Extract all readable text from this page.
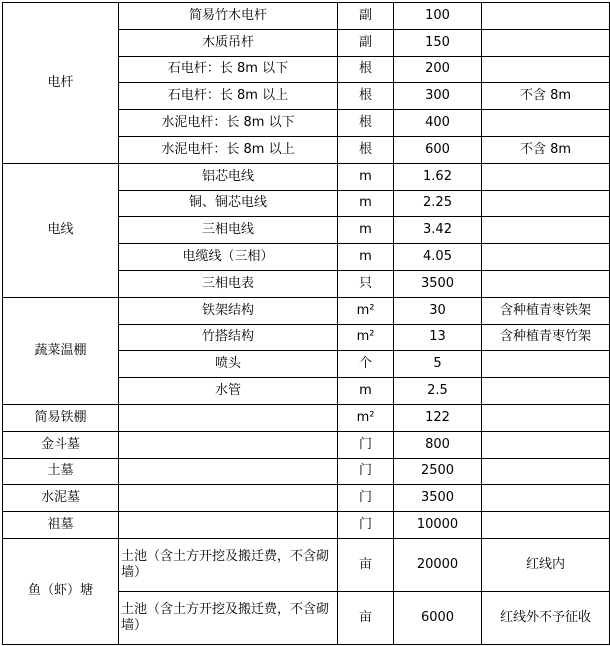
电杆	简易竹木电杆	副	100	
	木质吊杆	副	150	
	石电杆：长 8m 以下	根	200	
	石电杆：长 8m 以上	根	300	不含 8m
	水泥电杆：长 8m 以下	根	400	
	水泥电杆：长 8m 以上	根	600	不含 8m
电线	铝芯电线	m	1.62	
	铜、铜芯电线	m	2.25	
	三相电线	m	3.42	
	电缆线（三相）	m	4.05	
	三相电表	只	3500	
蔬菜温棚	铁架结构	m²	30	含种植青枣铁架
	竹搭结构	m²	13	含种植青枣竹架
	喷头	个	5	
	水管	m	2.5	
简易铁棚		m²	122	
金斗墓		门	800	
土墓		门	2500	
水泥墓		门	3500	
祖墓		门	10000	
鱼（虾）塘	土池（含土方开挖及搬迁费，不含砌墙）	亩	20000	红线内
	土池（含土方开挖及搬迁费，不含砌墙）	亩	6000	红线外不予征收
